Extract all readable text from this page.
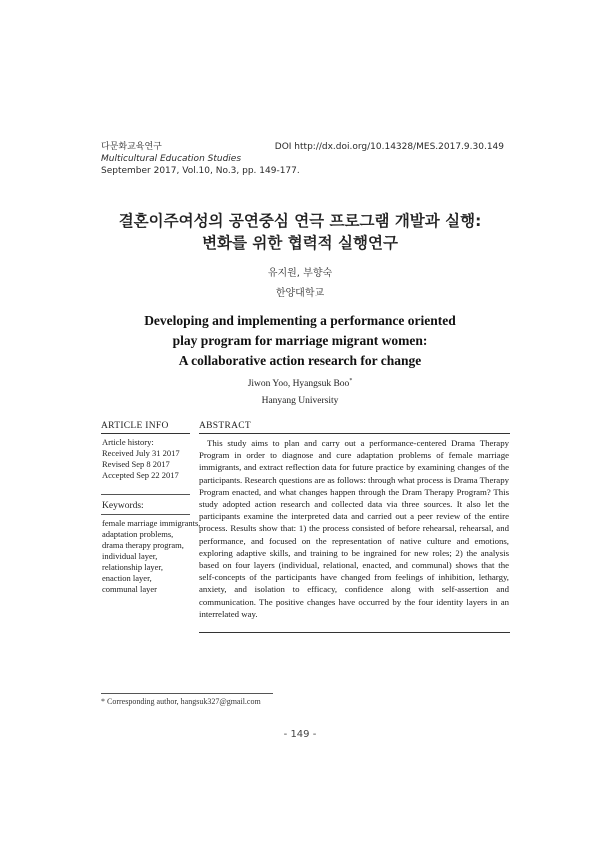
다문화교육연구
Multicultural Education Studies
September 2017, Vol.10, No.3, pp. 149-177.
DOI http://dx.doi.org/10.14328/MES.2017.9.30.149
결혼이주여성의 공연중심 연극 프로그램 개발과 실행:
변화를 위한 협력적 실행연구
유지원, 부향숙
한양대학교
Developing and implementing a performance oriented
play program for marriage migrant women:
A collaborative action research for change
Jiwon Yoo, Hyangsuk Boo*
Hanyang University
ARTICLE INFO	ABSTRACT
Article history:
Received July 31 2017
Revised Sep 8 2017
Accepted Sep 22 2017
Keywords:
female marriage immigrants,
adaptation problems,
drama therapy program,
individual layer,
relationship layer,
enaction layer,
communal layer
This study aims to plan and carry out a performance-centered Drama Therapy Program in order to diagnose and cure adaptation problems of female marriage immigrants, and extract reflection data for future practice by examining changes of the participants. Research questions are as follows: through what process is Drama Therapy Program enacted, and what changes happen through the Dram Therapy Program? This study adopted action research and collected data via three sources. It also let the participants examine the interpreted data and carried out a peer review of the entire process. Results show that: 1) the process consisted of before rehearsal, rehearsal, and performance, and focused on the representation of native culture and emotions, exploring adaptive skills, and training to be ingrained for new roles; 2) the analysis based on four layers (individual, relational, enacted, and communal) shows that the self-concepts of the participants have changed from feelings of inhibition, lethargy, anxiety, and isolation to efficacy, confidence along with self-assertion and communication. The positive changes have occurred by the four identity layers in an interrelated way.
* Corresponding author, hangsuk327@gmail.com
- 149 -
